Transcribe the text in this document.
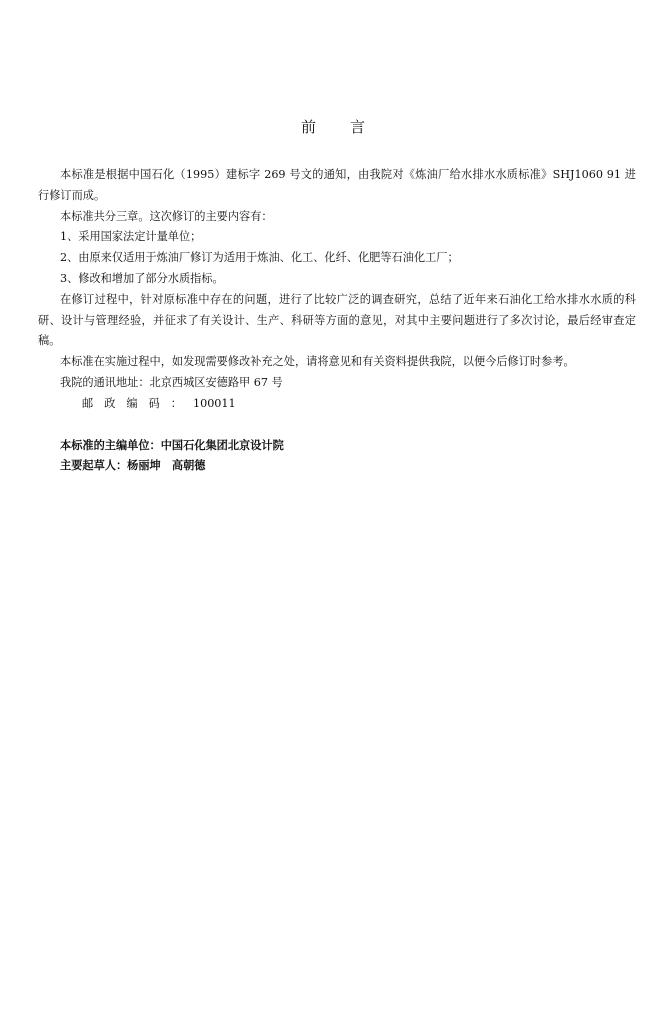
前言

本标准是根据中国石化（1995）建标字 269 号文的通知，由我院对《炼油厂给水排水水质标准》SHJ1060 91 进行修订而成。

本标准共分三章。这次修订的主要内容有：

1、采用国家法定计量单位；

2、由原来仅适用于炼油厂修订为适用于炼油、化工、化纤、化肥等石油化工厂；

3、修改和增加了部分水质指标。

在修订过程中，针对原标准中存在的问题，进行了比较广泛的调查研究，总结了近年来石油化工给水排水水质的科研、设计与管理经验，并征求了有关设计、生产、科研等方面的意见，对其中主要问题进行了多次讨论，最后经审查定稿。

本标准在实施过程中，如发现需要修改补充之处，请将意见和有关资料提供我院，以便今后修订时参考。

我院的通讯地址：北京西城区安德路甲 67 号

邮政编码：100011

本标准的主编单位：中国石化集团北京设计院

主要起草人：杨丽坤　高朝德
